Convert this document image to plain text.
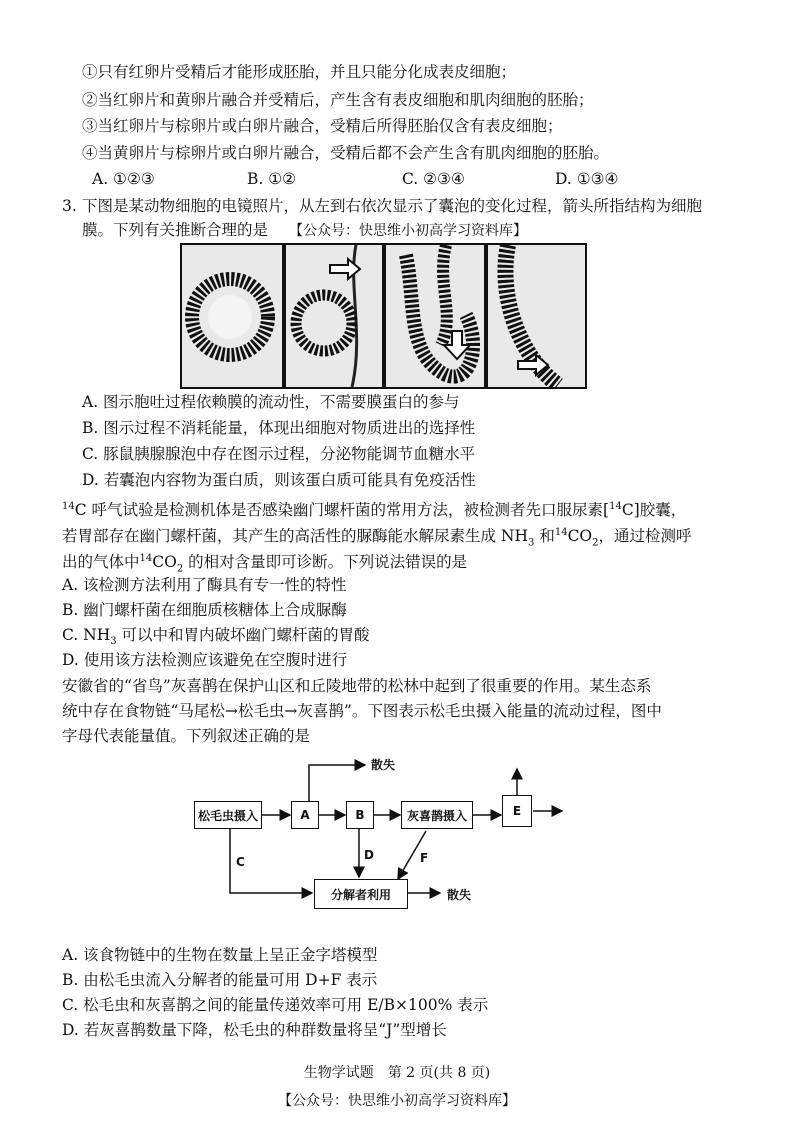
①只有红卵片受精后才能形成胚胎，并且只能分化成表皮细胞；
②当红卵片和黄卵片融合并受精后，产生含有表皮细胞和肌肉细胞的胚胎；
③当红卵片与棕卵片或白卵片融合，受精后所得胚胎仅含有表皮细胞；
④当黄卵片与棕卵片或白卵片融合，受精后都不会产生含有肌肉细胞的胚胎。
A. ①②③	B. ①②	C. ②③④	D. ①③④
3. 下图是某动物细胞的电镜照片，从左到右依次显示了囊泡的变化过程，箭头所指结构为细胞
膜。下列有关推断合理的是 【公众号：快思维小初高学习资料库】
A. 图示胞吐过程依赖膜的流动性，不需要膜蛋白的参与
B. 图示过程不消耗能量，体现出细胞对物质进出的选择性
C. 豚鼠胰腺腺泡中存在图示过程，分泌物能调节血糖水平
D. 若囊泡内容物为蛋白质，则该蛋白质可能具有免疫活性
$^{14}$C 呼气试验是检测机体是否感染幽门螺杆菌的常用方法，被检测者先口服尿素[$^{14}$C]胶囊，
若胃部存在幽门螺杆菌，其产生的高活性的脲酶能水解尿素生成 $NH_3$ 和$^{14}CO_2$，通过检测呼
出的气体中$^{14}CO_2$ 的相对含量即可诊断。下列说法错误的是
A. 该检测方法利用了酶具有专一性的特性
B. 幽门螺杆菌在细胞质核糖体上合成脲酶
C. $NH_3$ 可以中和胃内破坏幽门螺杆菌的胃酸
D. 使用该方法检测应该避免在空腹时进行
安徽省的“省鸟”灰喜鹊在保护山区和丘陵地带的松林中起到了很重要的作用。某生态系
统中存在食物链“马尾松→松毛虫→灰喜鹊”。下图表示松毛虫摄入能量的流动过程，图中
字母代表能量值。下列叙述正确的是
散失
松毛虫摄入	A	B	灰喜鹊摄入	E
分解者利用	散失
C	D	F
A. 该食物链中的生物在数量上呈正金字塔模型
B. 由松毛虫流入分解者的能量可用 D+F 表示
C. 松毛虫和灰喜鹊之间的能量传递效率可用 E/B×100% 表示
D. 若灰喜鹊数量下降，松毛虫的种群数量将呈“J”型增长
生物学试题　第 2 页(共 8 页)
【公众号：快思维小初高学习资料库】
